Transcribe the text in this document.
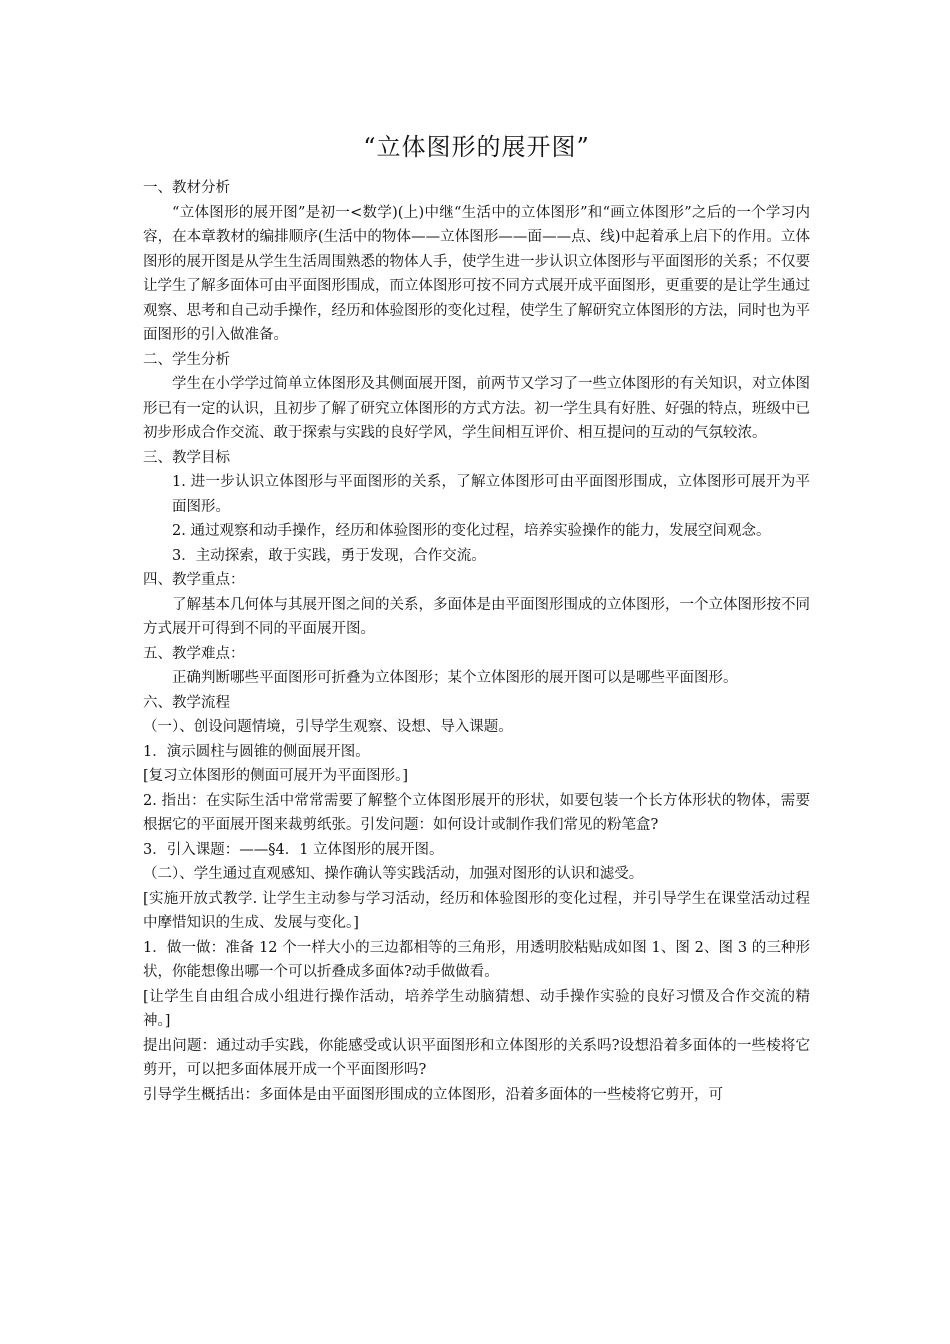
“立体图形的展开图”

一、教材分析

“立体图形的展开图”是初一<数学)(上)中继“生活中的立体图形”和“画立体图形”之后的一个学习内容，在本章教材的编排顺序(生活中的物体——立体图形——面——点、线)中起着承上启下的作用。立体图形的展开图是从学生生活周围熟悉的物体人手，使学生进一步认识立体图形与平面图形的关系；不仅要让学生了解多面体可由平面图形围成，而立体图形可按不同方式展开成平面图形，更重要的是让学生通过观察、思考和自己动手操作，经历和体验图形的变化过程，使学生了解研究立体图形的方法，同时也为平面图形的引入做准备。

二、学生分析

学生在小学学过简单立体图形及其侧面展开图，前两节又学习了一些立体图形的有关知识，对立体图形已有一定的认识，且初步了解了研究立体图形的方式方法。初一学生具有好胜、好强的特点，班级中已初步形成合作交流、敢于探索与实践的良好学风，学生间相互评价、相互提问的互动的气氛较浓。

三、教学目标

1. 进一步认识立体图形与平面图形的关系，了解立体图形可由平面图形围成，立体图形可展开为平面图形。

2. 通过观察和动手操作，经历和体验图形的变化过程，培养实验操作的能力，发展空间观念。

3．主动探索，敢于实践，勇于发现，合作交流。

四、教学重点：

了解基本几何体与其展开图之间的关系，多面体是由平面图形围成的立体图形，一个立体图形按不同方式展开可得到不同的平面展开图。

五、教学难点：

正确判断哪些平面图形可折叠为立体图形；某个立体图形的展开图可以是哪些平面图形。

六、教学流程

（一）、创设问题情境，引导学生观察、设想、导入课题。

1．演示圆柱与圆锥的侧面展开图。

[复习立体图形的侧面可展开为平面图形。]

2. 指出：在实际生活中常常需要了解整个立体图形展开的形状，如要包装一个长方体形状的物体，需要根据它的平面展开图来裁剪纸张。引发问题：如何设计或制作我们常见的粉笔盒?

3．引入课题：——§4．1 立体图形的展开图。

（二）、学生通过直观感知、操作确认等实践活动，加强对图形的认识和滤受。

[实施开放式教学. 让学生主动参与学习活动，经历和体验图形的变化过程，并引导学生在课堂活动过程中摩惜知识的生成、发展与变化。]

1．做一做：准备 12 个一样大小的三边都相等的三角形，用透明胶粘贴成如图 1、图 2、图 3 的三种形状，你能想像出哪一个可以折叠成多面体?动手做做看。

[让学生自由组合成小组进行操作活动，培养学生动脑猜想、动手操作实验的良好习惯及合作交流的精神。]

提出问题：通过动手实践，你能感受或认识平面图形和立体图形的关系吗?设想沿着多面体的一些棱将它剪开，可以把多面体展开成一个平面图形吗?

引导学生概括出：多面体是由平面图形围成的立体图形，沿着多面体的一些棱将它剪开，可
